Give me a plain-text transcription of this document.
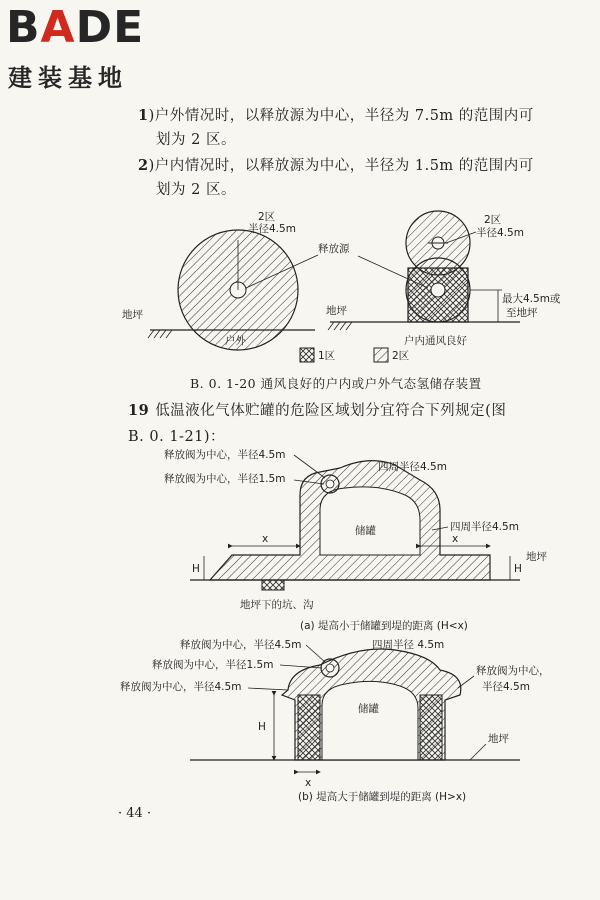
BADE
建装基地
1)户外情况时，以释放源为中心，半径为 7.5m 的范围内可
划为 2 区。
2)户内情况时，以释放源为中心，半径为 1.5m 的范围内可
划为 2 区。
2区
半径4.5m
释放源
地坪
户外
2区
半径4.5m
最大4.5m或
至地坪
地坪
户内通风良好
1区	2区
释放阀为中心，半径4.5m
释放阀为中心，半径1.5m
四周半径4.5m
储罐	四周半径4.5m
x	x
H	H
地坪
地坪下的坑、沟
(a) 堤高小于储罐到堤的距离 (H<x)
释放阀为中心，半径4.5m	四周半径 4.5m
释放阀为中心，半径1.5m
释放阀为中心，半径4.5m
释放阀为中心，
半径4.5m
储罐
H
地坪
x
(b) 堤高大于储罐到堤的距离 (H>x)
B. 0. 1-20 通风良好的户内或户外气态氢储存装置
19 低温液化气体贮罐的危险区域划分宜符合下列规定(图
B. 0. 1-21)：
· 44 ·
